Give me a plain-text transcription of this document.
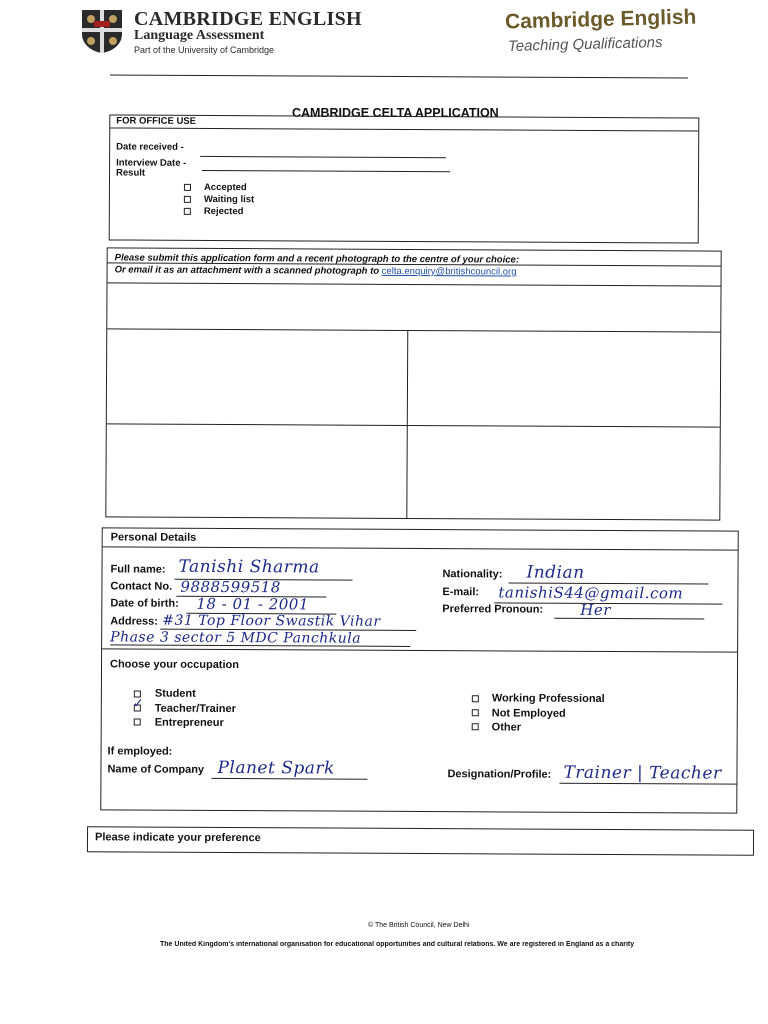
CAMBRIDGE ENGLISH
Language Assessment
Part of the University of Cambridge
Cambridge English
Teaching Qualifications
CAMBRIDGE CELTA APPLICATION
FOR OFFICE USE
Date received -
Interview Date -
Result
Accepted
Waiting list
Rejected
Please submit this application form and a recent photograph to the centre of your choice:
Or email it as an attachment with a scanned photograph to celta.enquiry@britishcouncil.org
Personal Details
Full name: Tanishi Sharma
Contact No. 9888599518
Date of birth: 18 - 01 - 2001
Address: #31 Top Floor Swastik Vihar
Phase 3 sector 5 MDC Panchkula
Nationality: Indian
E-mail: tanishiS44@gmail.com
Preferred Pronoun: Her
Choose your occupation
Student
✓ Teacher/Trainer
Entrepreneur
Working Professional
Not Employed
Other
If employed:
Name of Company Planet Spark	Designation/Profile: Trainer | Teacher
Please indicate your preference
© The British Council, New Delhi
The United Kingdom's international organisation for educational opportunities and cultural relations. We are registered in England as a charity
